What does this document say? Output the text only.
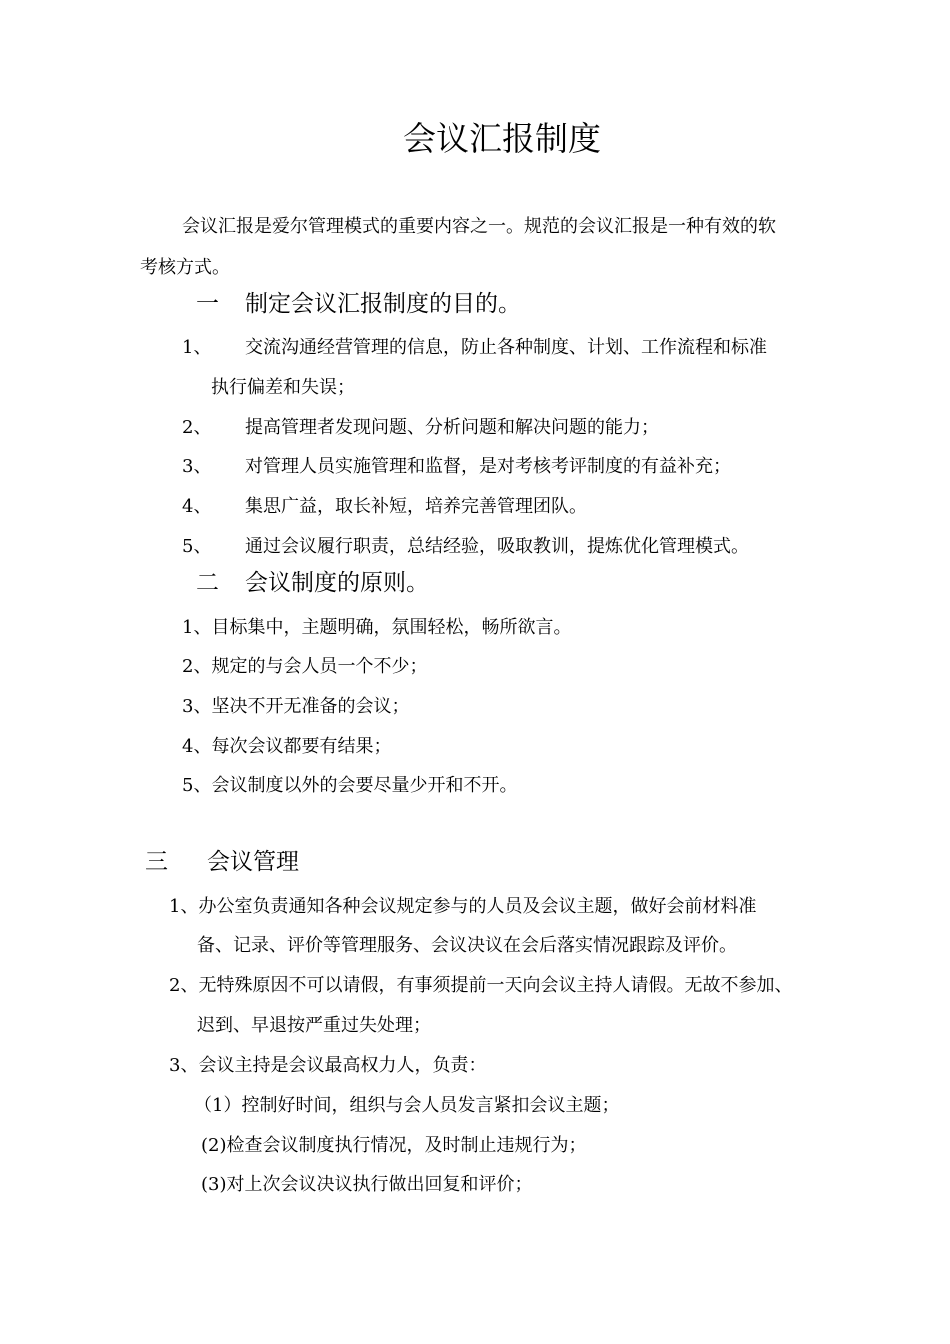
会议汇报制度
会议汇报是爱尔管理模式的重要内容之一。规范的会议汇报是一种有效的软
考核方式。
一 制定会议汇报制度的目的。
1、 交流沟通经营管理的信息，防止各种制度、计划、工作流程和标准
执行偏差和失误；
2、 提高管理者发现问题、分析问题和解决问题的能力；
3、 对管理人员实施管理和监督，是对考核考评制度的有益补充；
4、 集思广益，取长补短，培养完善管理团队。
5、 通过会议履行职责，总结经验，吸取教训，提炼优化管理模式。
二 会议制度的原则。
1、目标集中，主题明确，氛围轻松，畅所欲言。
2、规定的与会人员一个不少；
3、坚决不开无准备的会议；
4、每次会议都要有结果；
5、会议制度以外的会要尽量少开和不开。
三 会议管理
1、办公室负责通知各种会议规定参与的人员及会议主题，做好会前材料准
备、记录、评价等管理服务、会议决议在会后落实情况跟踪及评价。
2、无特殊原因不可以请假，有事须提前一天向会议主持人请假。无故不参加、
迟到、早退按严重过失处理；
3、会议主持是会议最高权力人，负责：
（1）控制好时间，组织与会人员发言紧扣会议主题；
(2)检查会议制度执行情况，及时制止违规行为；
(3)对上次会议决议执行做出回复和评价；
